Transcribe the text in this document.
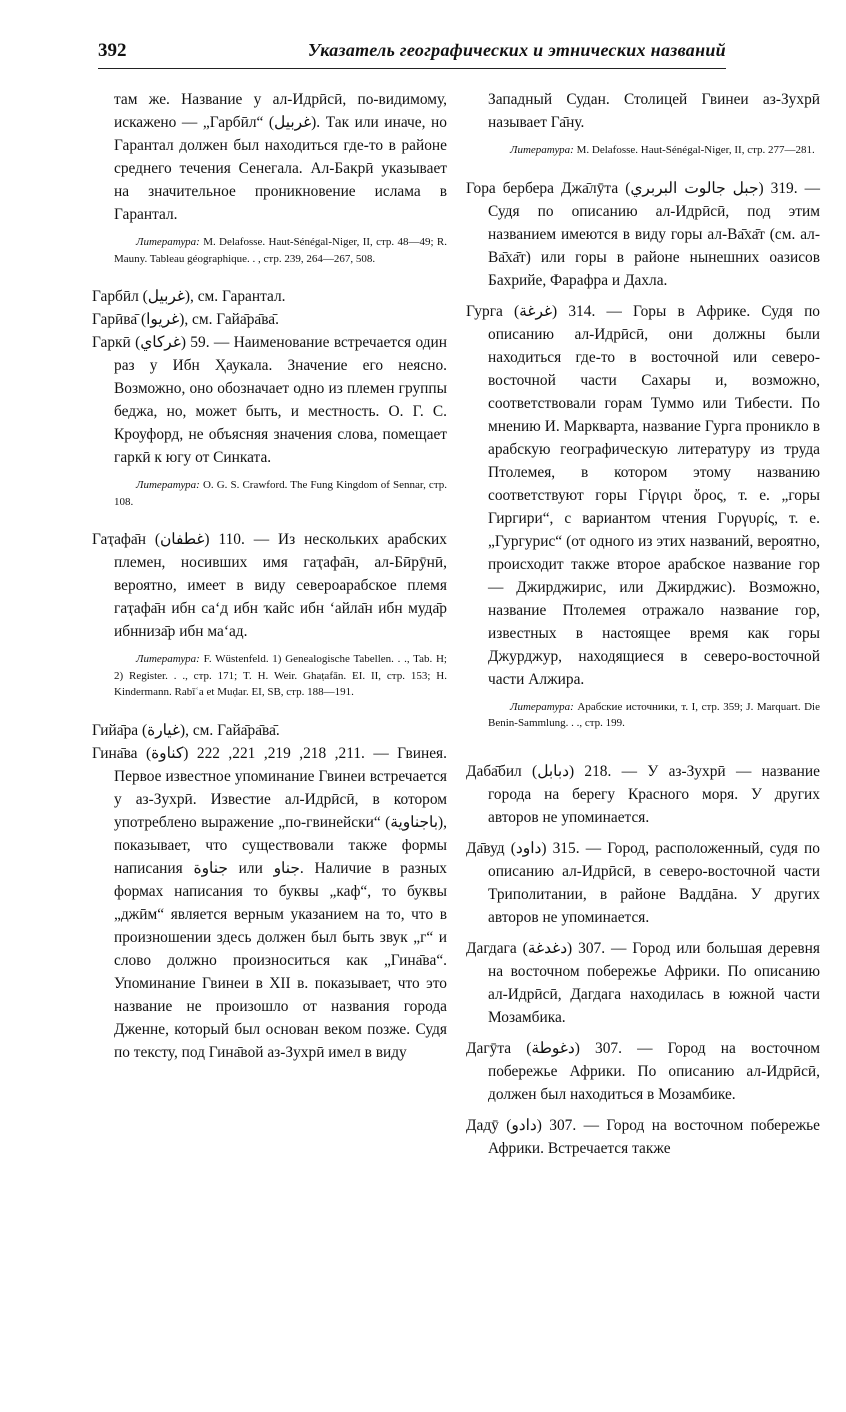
392	Указатель географических и этнических названий

там же. Название у ал-Идрӣсӣ, по-видимому, искажено — „Гарбӣл“ (غربيل). Так или иначе, но Гарантал должен был находиться где-то в районе среднего течения Сенегала. Ал-Бакрӣ указывает на значительное проникновение ислама в Гарантал.

Литература: M. Delafosse. Haut-Sénégal-Niger, II, стр. 48—49; R. Mauny. Tableau géographique. . , стр. 239, 264—267, 508.

Гарбӣл (غربيل), см. Гарантал.

Гарӣва̄ (غريوا), см. Гайа̄ра̄ва̄.

Гаркӣ (غركاي) 59. — Наименование встречается один раз у Ибн Ҳаукала. Значение его неясно. Возможно, оно обозначает одно из племен группы беджа, но, может быть, и местность. О. Г. С. Кроуфорд, не объясняя значения слова, помещает гаркӣ к югу от Синката.

Литература: O. G. S. Crawford. The Fung Kingdom of Sennar, стр. 108.

Гаҭафа̄н (غطفان) 110. — Из нескольких арабских племен, носивших имя гаҭафа̄н, ал-Бӣрӯнӣ, вероятно, имеет в виду североарабское племя гаҭафа̄н ибн са‘д ибн ҡайс ибн ‘айла̄н ибн муда̄р ибнниза̄р ибн ма‘ад.

Литература: F. Wüstenfeld. 1) Genealogische Tabellen. . ., Tab. H; 2) Register. . ., стр. 171; T. H. Weir. Ghaṭafān. EI. II, стр. 153; H. Kindermann. Rabīʿa et Muḍar. EI, SB, стр. 188—191.

Гийа̄ра (غيارة), см. Гайа̄ра̄ва̄.

Гина̄ва (كناوة) 211, 218, 219, 221, 222. — Гвинея. Первое известное упоминание Гвинеи встречается у аз-Зухрӣ. Известие ал-Идрӣсӣ, в котором употреблено выражение „по-гвинейски“ (باجناوية), показывает, что существовали также формы написания جناوة или جناو. Наличие в разных формах написания то буквы „каф“, то буквы „джӣм“ является верным указанием на то, что в произношении здесь должен был быть звук „г“ и слово должно произноситься как „Гина̄ва“. Упоминание Гвинеи в XII в. показывает, что это название не произошло от названия города Дженне, который был основан веком позже. Судя по тексту, под Гина̄вой аз-Зухрӣ имел в виду

Западный Судан. Столицей Гвинеи аз-Зухрӣ называет Га̄ну.

Литература: M. Delafosse. Haut-Sénégal-Niger, II, стр. 277—281.

Гора бербера Джа̄лӯта (جبل جالوت البربري) 319. — Судя по описанию ал-Идрӣсӣ, под этим названием имеются в виду горы ал-Ва̄ха̄т (см. ал-Ва̄ха̄т) или горы в районе нынешних оазисов Бахрийе, Фарафра и Дахла.

Гурга (غرغة) 314. — Горы в Африке. Судя по описанию ал-Идрӣсӣ, они должны были находиться где-то в восточной или северо-восточной части Сахары и, возможно, соответствовали горам Туммо или Тибести. По мнению И. Маркварта, название Гурга проникло в арабскую географическую литературу из труда Птолемея, в котором этому названию соответствуют горы Γίργιρι ὄρος, т. е. „горы Гиргири“, с вариантом чтения Γυργυρίς, т. е. „Гургурис“ (от одного из этих названий, вероятно, происходит также второе арабское название гор — Джирджирис, или Джирджис). Возможно, название Птолемея отражало название гор, известных в настоящее время как горы Джурджур, находящиеся в северо-восточной части Алжира.

Литература: Арабские источники, т. I, стр. 359; J. Marquart. Die Benin-Sammlung. . ., стр. 199.

Даба̄бил (دبابل) 218. — У аз-Зухрӣ — название города на берегу Красного моря. У других авторов не упоминается.

Да̄вуд (داود) 315. — Город, расположенный, судя по описанию ал-Идрӣсӣ, в северо-восточной части Триполитании, в районе Ваддāна. У других авторов не упоминается.

Дагдага (دغدغة) 307. — Город или большая деревня на восточном побережье Африки. По описанию ал-Идрӣсӣ, Дагдага находилась в южной части Мозамбика.

Дагӯта (دغوطة) 307. — Город на восточном побережье Африки. По описанию ал-Идрӣсӣ, должен был находиться в Мозамбике.

Дадӯ (دادو) 307. — Город на восточном побережье Африки. Встречается также
